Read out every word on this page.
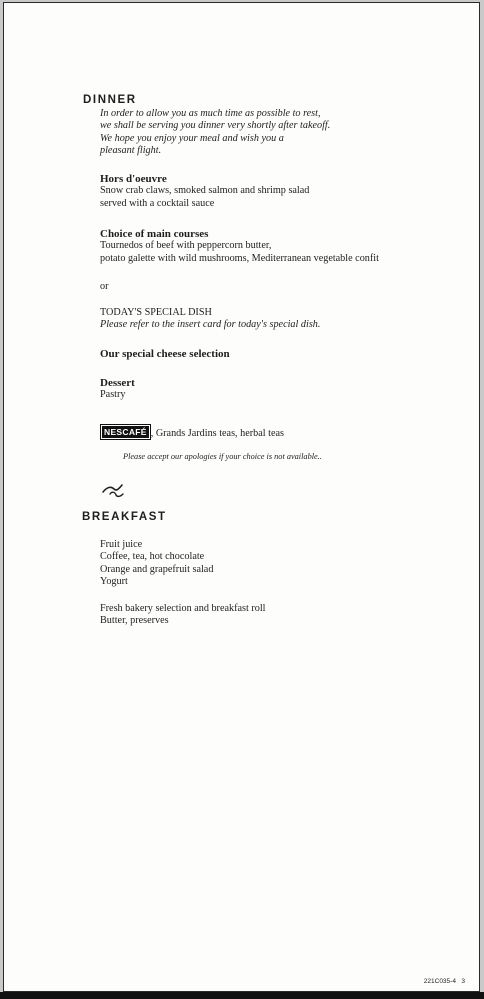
DINNER
In order to allow you as much time as possible to rest,
we shall be serving you dinner very shortly after takeoff.
We hope you enjoy your meal and wish you a
pleasant flight.
Hors d'oeuvre
Snow crab claws, smoked salmon and shrimp salad
served with a cocktail sauce
Choice of main courses
Tournedos of beef with peppercorn butter,
potato galette with wild mushrooms, Mediterranean vegetable confit
or
TODAY'S SPECIAL DISH
Please refer to the insert card for today's special dish.
Our special cheese selection
Dessert
Pastry
NESCAFÉ , Grands Jardins teas, herbal teas
Please accept our apologies if your choice is not available..
BREAKFAST
Fruit juice
Coffee, tea, hot chocolate
Orange and grapefruit salad
Yogurt
Fresh bakery selection and breakfast roll
Butter, preserves
221C035-4 3
